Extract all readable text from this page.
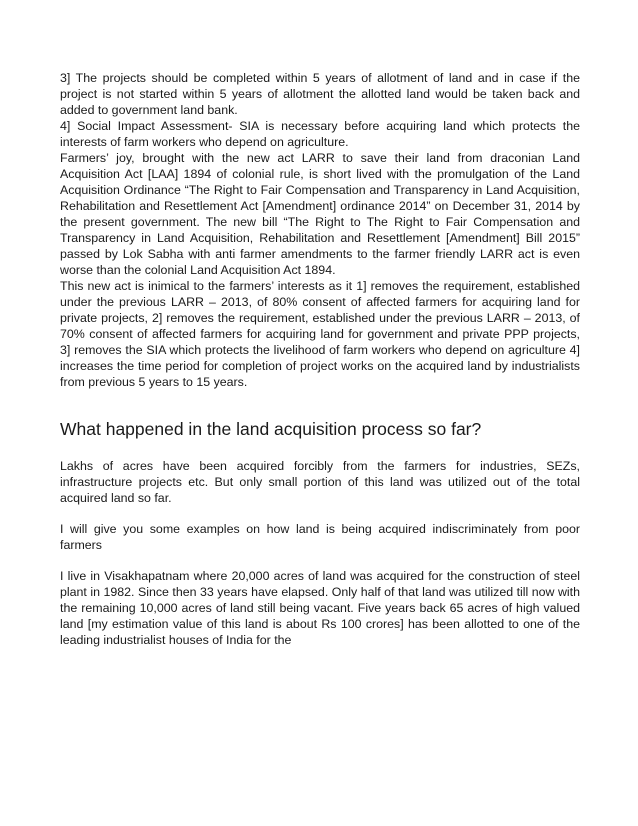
3] The projects should be completed within 5 years of allotment of land and in case if the project is not started within 5 years of allotment the allotted land would be taken back and added to government land bank.

4] Social Impact Assessment- SIA is necessary before acquiring land which protects the interests of farm workers who depend on agriculture.

Farmers’ joy, brought with the new act LARR to save their land from draconian Land Acquisition Act [LAA] 1894 of colonial rule, is short lived with the promulgation of the Land Acquisition Ordinance “The Right to Fair Compensation and Transparency in Land Acquisition, Rehabilitation and Resettlement Act [Amendment] ordinance 2014” on December 31, 2014 by the present government. The new bill “The Right to The Right to Fair Compensation and Transparency in Land Acquisition, Rehabilitation and Resettlement [Amendment] Bill 2015” passed by Lok Sabha with anti farmer amendments to the farmer friendly LARR act is even worse than the colonial Land Acquisition Act 1894.

This new act is inimical to the farmers’ interests as it 1] removes the requirement, established under the previous LARR – 2013, of 80% consent of affected farmers for acquiring land for private projects, 2] removes the requirement, established under the previous LARR – 2013, of 70% consent of affected farmers for acquiring land for government and private PPP projects, 3] removes the SIA which protects the livelihood of farm workers who depend on agriculture 4] increases the time period for completion of project works on the acquired land by industrialists from previous 5 years to 15 years.

What happened in the land acquisition process so far?

Lakhs of acres have been acquired forcibly from the farmers for industries, SEZs, infrastructure projects etc. But only small portion of this land was utilized out of the total acquired land so far.

I will give you some examples on how land is being acquired indiscriminately from poor farmers

I live in Visakhapatnam where 20,000 acres of land was acquired for the construction of steel plant in 1982. Since then 33 years have elapsed. Only half of that land was utilized till now with the remaining 10,000 acres of land still being vacant. Five years back 65 acres of high valued land [my estimation value of this land is about Rs 100 crores] has been allotted to one of the leading industrialist houses of India for the
